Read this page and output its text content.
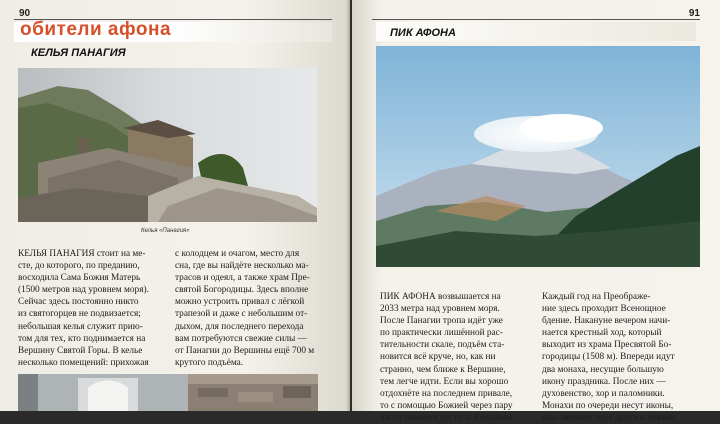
90
обители афона
КЕЛЬЯ ПАНАГИЯ
Келья «Панагия»
КЕЛЬЯ ПАНАГИЯ стоит на ме-
сте, до которого, по преданию,
восходила Сама Божия Матерь
(1500 метров над уровнем моря).
Сейчас здесь постоянно никто
из святогорцев не подвизается;
небольшая келья служит прию-
том для тех, кто поднимается на
Вершину Святой Горы. В келье
несколько помещений: прихожая
с колодцем и очагом, место для
сна, где вы найдёте несколько ма-
трасов и одеял, а также храм Пре-
святой Богородицы. Здесь вполне
можно устроить привал с лёгкой
трапезой и даже с небольшим от-
дыхом, для последнего перехода
вам потребуются свежие силы —
от Панагии до Вершины ещё 700 м
крутого подъёма.
91
ПИК АФОНА
ПИК АФОНА возвышается на
2033 метра над уровнем моря.
После Панагии тропа идёт уже
по практически лишённой рас-
тительности скале, подъём ста-
новится всё круче, но, как ни
странно, чем ближе к Вершине,
тем легче идти. Если вы хорошо
отдохнёте на последнем привале,
то с помощью Божией через пару
часов сможете достичь Вершины
Каждый год на Преображе-
ние здесь проходит Всенощное
бдение. Накануне вечером начи-
нается крестный ход, который
выходит из храма Пресвятой Бо-
городицы (1508 м). Впереди идут
два монаха, несущие большую
икону праздника. После них —
духовенство, хор и паломники.
Монахи по очереди несут иконы,
они сменяют друг друга и певчие
